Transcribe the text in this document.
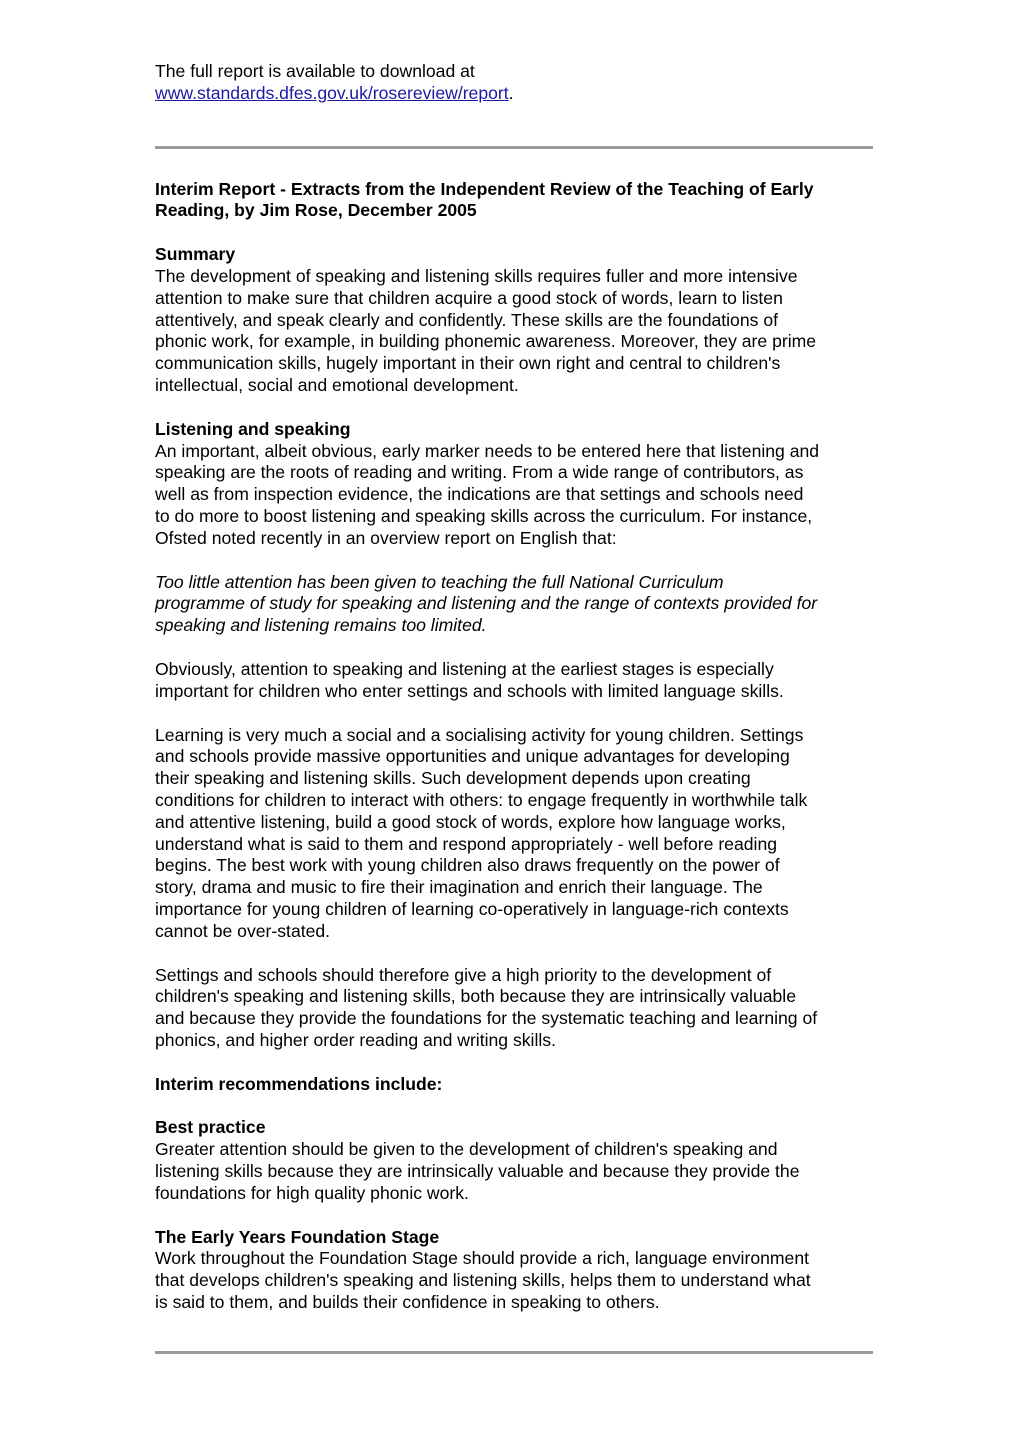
The full report is available to download at
www.standards.dfes.gov.uk/rosereview/report.

Interim Report - Extracts from the Independent Review of the Teaching of Early
Reading, by Jim Rose, December 2005

Summary

The development of speaking and listening skills requires fuller and more intensive
attention to make sure that children acquire a good stock of words, learn to listen
attentively, and speak clearly and confidently. These skills are the foundations of
phonic work, for example, in building phonemic awareness. Moreover, they are prime
communication skills, hugely important in their own right and central to children's
intellectual, social and emotional development.

Listening and speaking

An important, albeit obvious, early marker needs to be entered here that listening and
speaking are the roots of reading and writing. From a wide range of contributors, as
well as from inspection evidence, the indications are that settings and schools need
to do more to boost listening and speaking skills across the curriculum. For instance,
Ofsted noted recently in an overview report on English that:

Too little attention has been given to teaching the full National Curriculum
programme of study for speaking and listening and the range of contexts provided for
speaking and listening remains too limited.

Obviously, attention to speaking and listening at the earliest stages is especially
important for children who enter settings and schools with limited language skills.

Learning is very much a social and a socialising activity for young children. Settings
and schools provide massive opportunities and unique advantages for developing
their speaking and listening skills. Such development depends upon creating
conditions for children to interact with others: to engage frequently in worthwhile talk
and attentive listening, build a good stock of words, explore how language works,
understand what is said to them and respond appropriately - well before reading
begins. The best work with young children also draws frequently on the power of
story, drama and music to fire their imagination and enrich their language. The
importance for young children of learning co-operatively in language-rich contexts
cannot be over-stated.

Settings and schools should therefore give a high priority to the development of
children's speaking and listening skills, both because they are intrinsically valuable
and because they provide the foundations for the systematic teaching and learning of
phonics, and higher order reading and writing skills.

Interim recommendations include:

Best practice

Greater attention should be given to the development of children's speaking and
listening skills because they are intrinsically valuable and because they provide the
foundations for high quality phonic work.

The Early Years Foundation Stage

Work throughout the Foundation Stage should provide a rich, language environment
that develops children's speaking and listening skills, helps them to understand what
is said to them, and builds their confidence in speaking to others.
